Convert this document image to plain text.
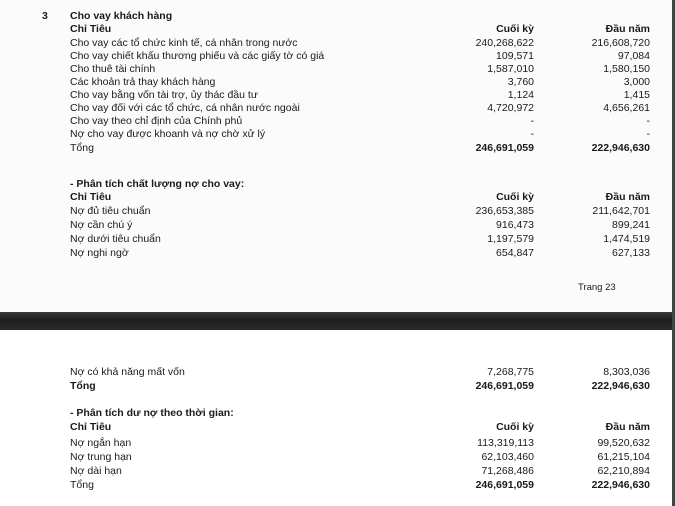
3 Cho vay khách hàng
Chỉ Tiêu	Cuối kỳ	Đầu năm
Cho vay các tổ chức kinh tế, cá nhân trong nước	240,268,622	216,608,720
Cho vay chiết khấu thương phiếu và các giấy tờ có giá	109,571	97,084
Cho thuê tài chính	1,587,010	1,580,150
Các khoản trả thay khách hàng	3,760	3,000
Cho vay bằng vốn tài trợ, ủy thác đầu tư	1,124	1,415
Cho vay đối với các tổ chức, cá nhân nước ngoài	4,720,972	4,656,261
Cho vay theo chỉ định của Chính phủ	-	-
Nợ cho vay được khoanh và nợ chờ xử lý	-	-
Tổng	246,691,059	222,946,630
- Phân tích chất lượng nợ cho vay:
Chỉ Tiêu	Cuối kỳ	Đầu năm
Nợ đủ tiêu chuẩn	236,653,385	211,642,701
Nợ cần chú ý	916,473	899,241
Nợ dưới tiêu chuẩn	1,197,579	1,474,519
Nợ nghi ngờ	654,847	627,133
Trang 23
Nợ có khả năng mất vốn	7,268,775	8,303,036
Tổng	246,691,059	222,946,630
- Phân tích dư nợ theo thời gian:
Chỉ Tiêu	Cuối kỳ	Đầu năm
Nợ ngắn hạn	113,319,113	99,520,632
Nợ trung hạn	62,103,460	61,215,104
Nợ dài hạn	71,268,486	62,210,894
Tổng	246,691,059	222,946,630
